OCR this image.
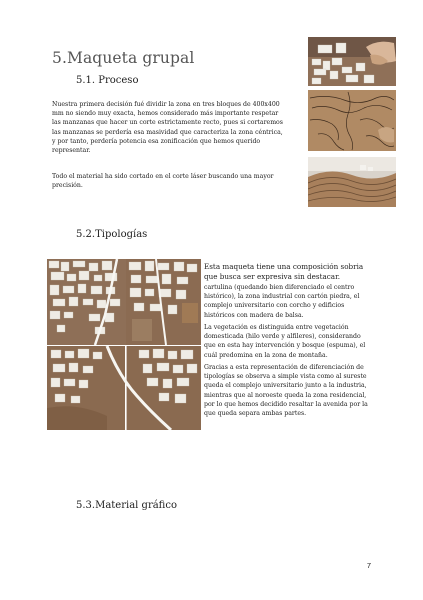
5.Maqueta grupal
5.1. Proceso

Nuestra primera decisión fué dividir la zona en tres bloques de 400x400 mm no siendo muy exacta, hemos considerado más importante respetar las manzanas que hacer un corte estrictamente recto, pues si cortaremos las manzanas se perdería esa masividad que caracteriza la zona céntrica, y por tanto, perdería potencia esa zonificación que hemos querido representar.

Todo el material ha sido cortado en el corte láser buscando una mayor precisión.

5.2.Tipologías

Esta maqueta tiene una composición sobria que busca ser expresiva sin destacar.

cartulina (quedando bien diferenciado el centro histórico), la zona industrial con cartón piedra, el complejo universitario con corcho y edificios históricos con madera de balsa.

La vegetación es distinguida entre vegetación domesticada (hilo verde y alfileres), considerando que en esta hay intervención y bosque (espuma), el cuál predomina en la zona de montaña.

Gracias a esta representación de diferenciación de tipologías se observa a simple vista como al sureste queda el complejo universitario junto a la industria, mientras que al noroeste queda la zona residencial, por lo que hemos decidido resaltar la avenida por la que queda separa ambas partes.

5.3.Material gráfico
7
